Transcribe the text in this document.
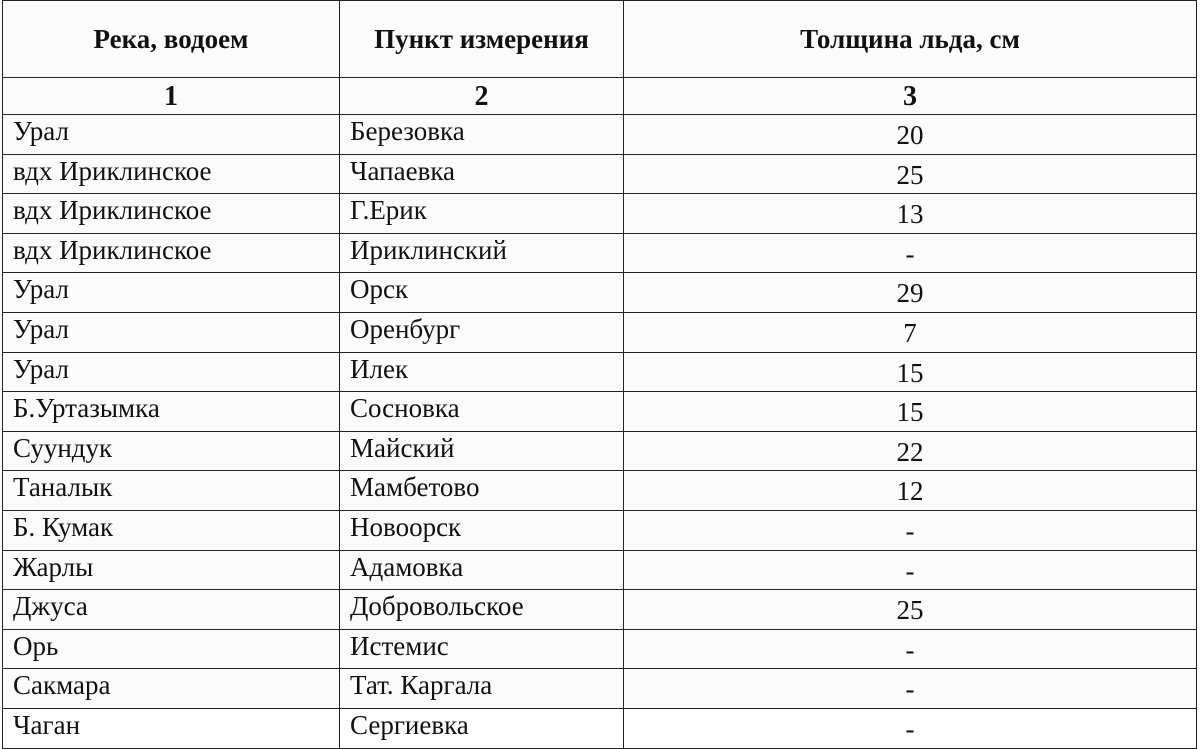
Река, водоем	Пункт измерения	Толщина льда, см
1	2	3
Урал	Березовка	20
вдх Ириклинское	Чапаевка	25
вдх Ириклинское	Г.Ерик	13
вдх Ириклинское	Ириклинский	-
Урал	Орск	29
Урал	Оренбург	7
Урал	Илек	15
Б.Уртазымка	Сосновка	15
Суундук	Майский	22
Таналык	Мамбетово	12
Б. Кумак	Новоорск	-
Жарлы	Адамовка	-
Джуса	Добровольское	25
Орь	Истемис	-
Сакмара	Тат. Каргала	-
Чаган	Сергиевка	-
